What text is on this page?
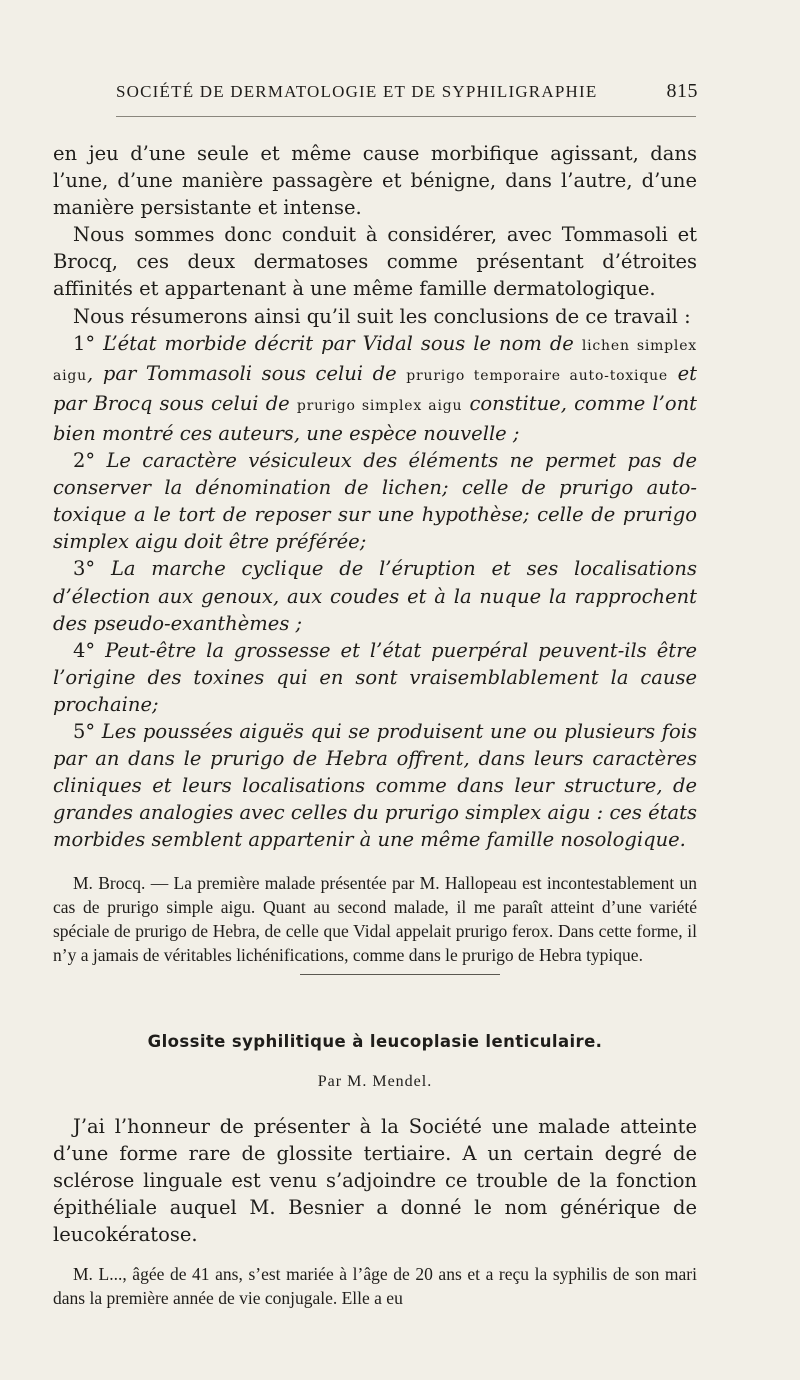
SOCIÉTÉ DE DERMATOLOGIE ET DE SYPHILIGRAPHIE	815

en jeu d’une seule et même cause morbifique agissant, dans l’une, d’une manière passagère et bénigne, dans l’autre, d’une manière persistante et intense.

Nous sommes donc conduit à considérer, avec Tommasoli et Brocq, ces deux dermatoses comme présentant d’étroites affinités et appartenant à une même famille dermatologique.

Nous résumerons ainsi qu’il suit les conclusions de ce travail :

1° L’état morbide décrit par Vidal sous le nom de lichen simplex aigu, par Tommasoli sous celui de prurigo temporaire auto-toxique et par Brocq sous celui de prurigo simplex aigu constitue, comme l’ont bien montré ces auteurs, une espèce nouvelle ;

2° Le caractère vésiculeux des éléments ne permet pas de conserver la dénomination de lichen; celle de prurigo auto-toxique a le tort de reposer sur une hypothèse; celle de prurigo simplex aigu doit être préférée;

3° La marche cyclique de l’éruption et ses localisations d’élection aux genoux, aux coudes et à la nuque la rapprochent des pseudo-exanthèmes ;

4° Peut-être la grossesse et l’état puerpéral peuvent-ils être l’origine des toxines qui en sont vraisemblablement la cause prochaine;

5° Les poussées aiguës qui se produisent une ou plusieurs fois par an dans le prurigo de Hebra offrent, dans leurs caractères cliniques et leurs localisations comme dans leur structure, de grandes analogies avec celles du prurigo simplex aigu : ces états morbides semblent appartenir à une même famille nosologique.

M. Brocq. — La première malade présentée par M. Hallopeau est incontestablement un cas de prurigo simple aigu. Quant au second malade, il me paraît atteint d’une variété spéciale de prurigo de Hebra, de celle que Vidal appelait prurigo ferox. Dans cette forme, il n’y a jamais de véritables lichénifications, comme dans le prurigo de Hebra typique.

Glossite syphilitique à leucoplasie lenticulaire.

Par M. Mendel.

J’ai l’honneur de présenter à la Société une malade atteinte d’une forme rare de glossite tertiaire. A un certain degré de sclérose linguale est venu s’adjoindre ce trouble de la fonction épithéliale auquel M. Besnier a donné le nom générique de leucokératose.

M. L..., âgée de 41 ans, s’est mariée à l’âge de 20 ans et a reçu la syphilis de son mari dans la première année de vie conjugale. Elle a eu
